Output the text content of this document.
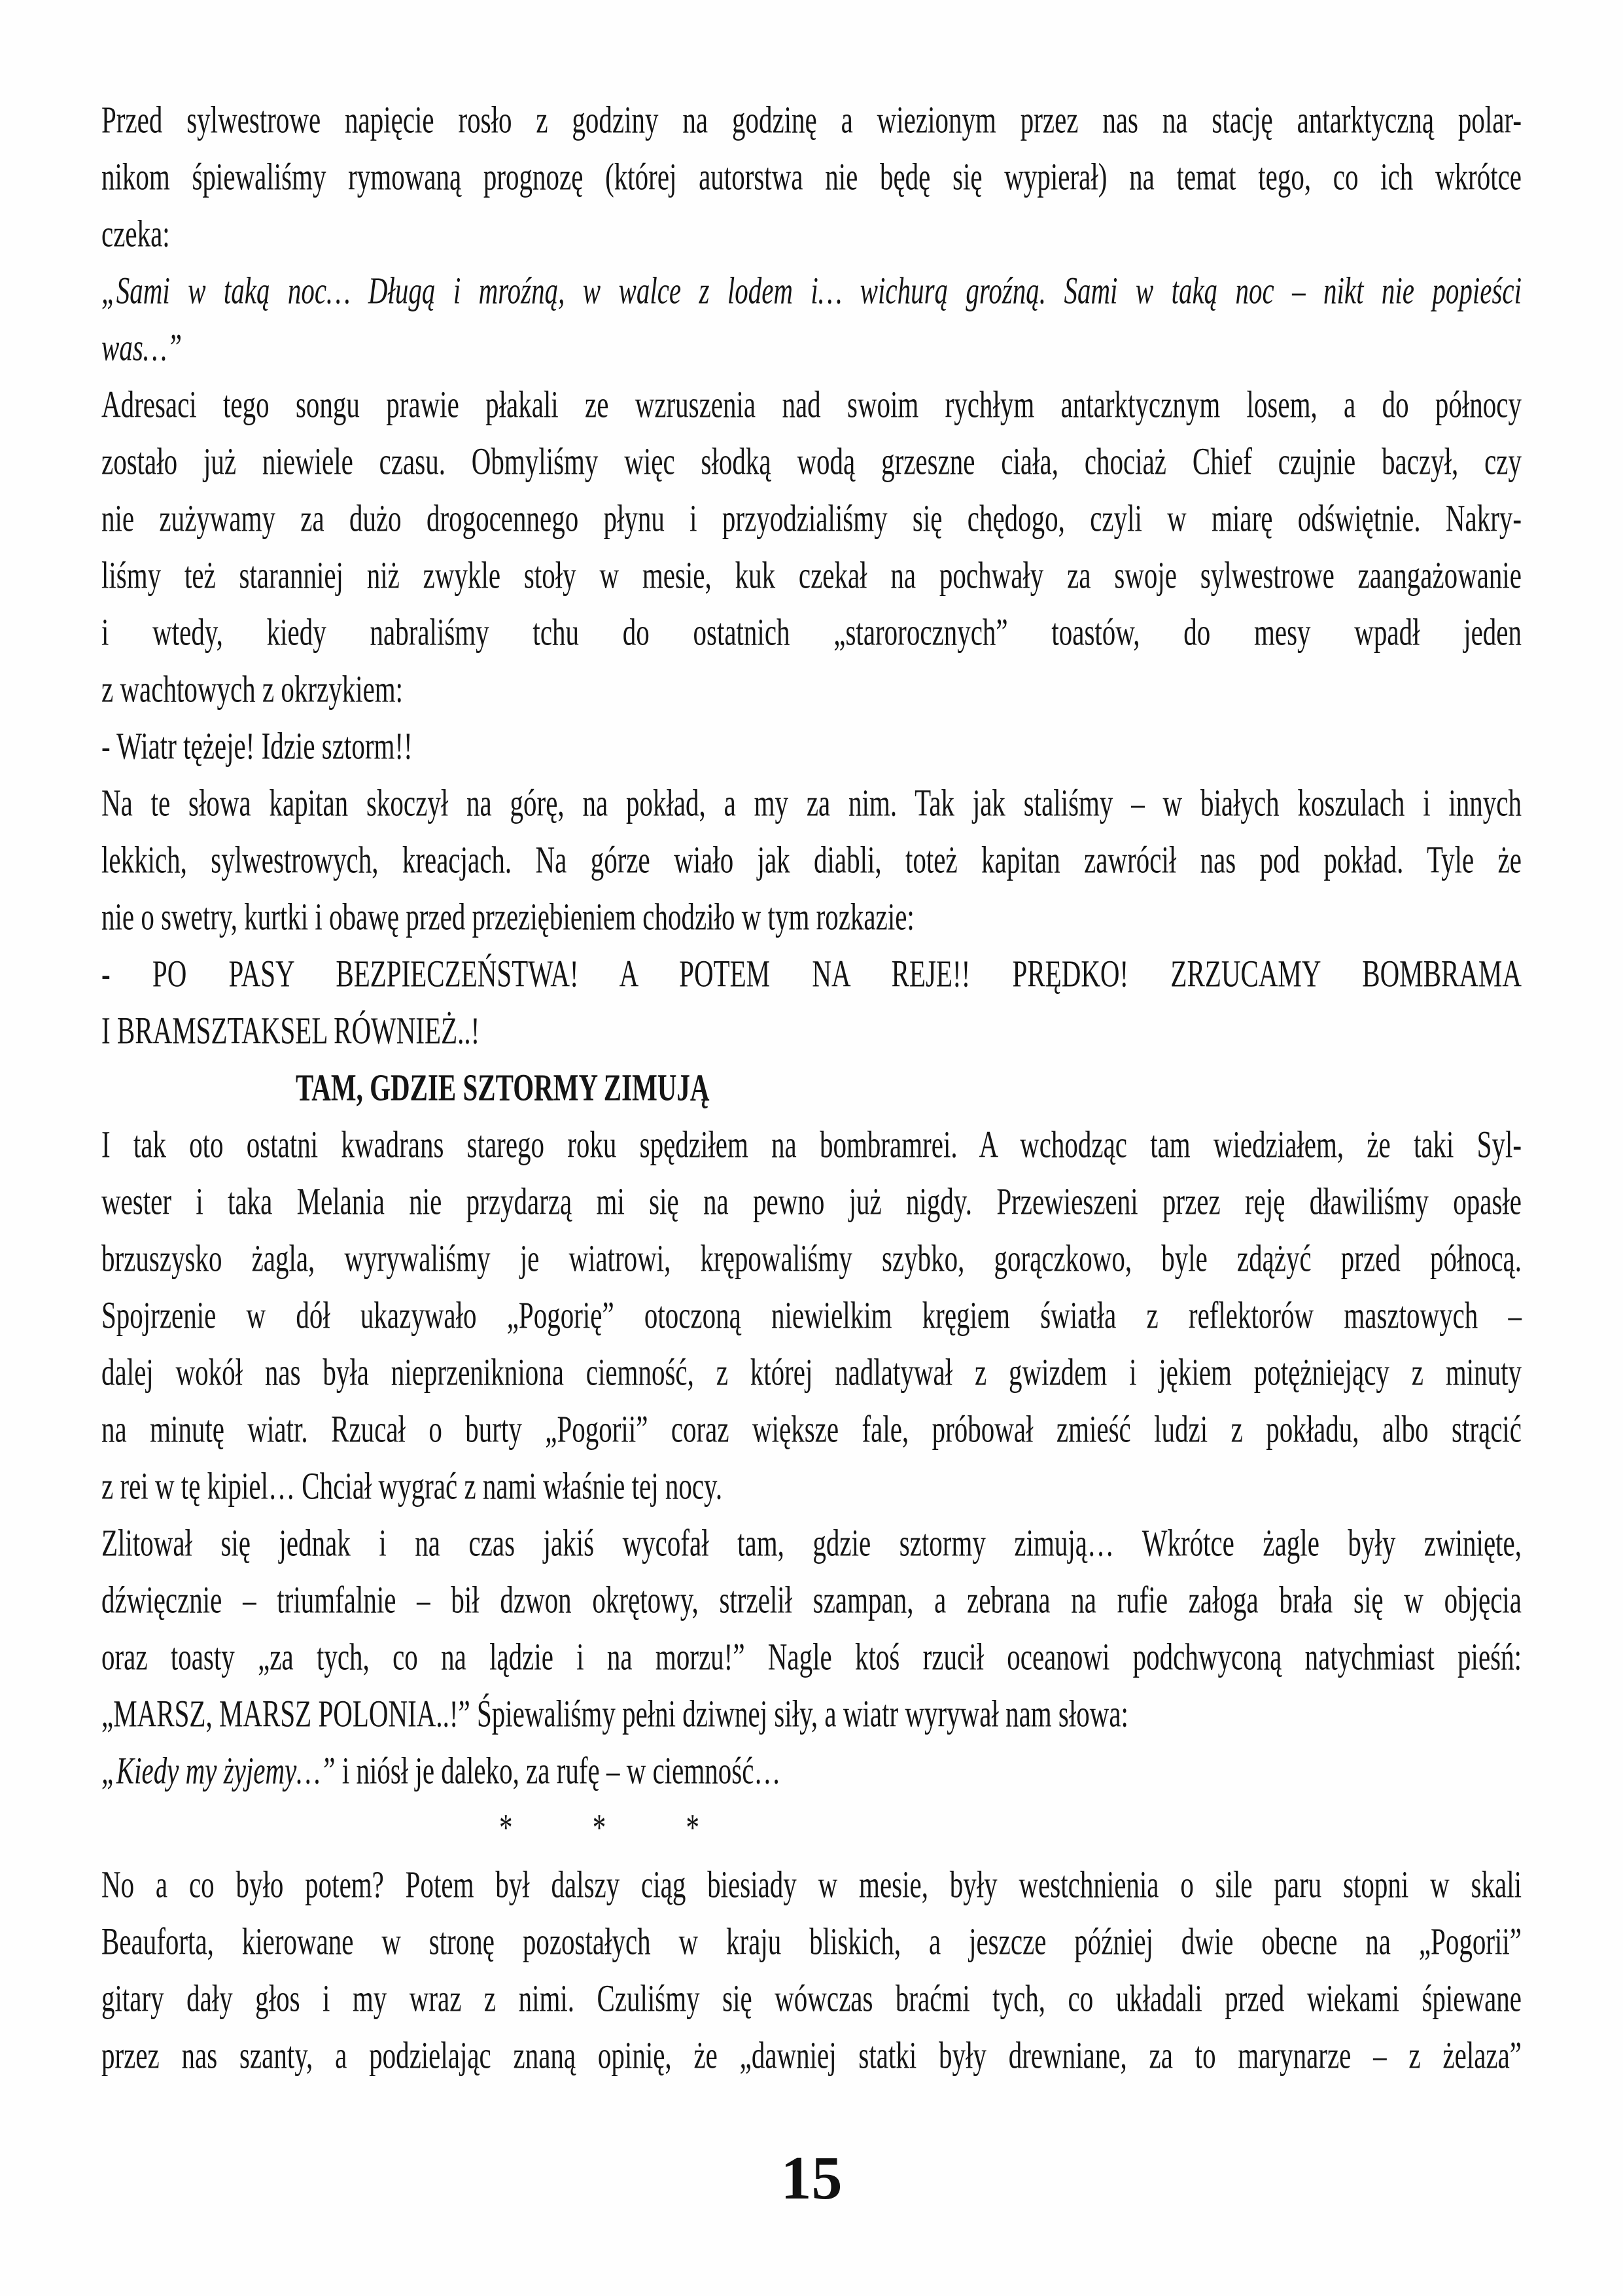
Przed sylwestrowe napięcie rosło z godziny na godzinę a wiezionym przez nas na stację antarktyczną polar-
nikom śpiewaliśmy rymowaną prognozę (której autorstwa nie będę się wypierał) na temat tego, co ich wkrótce
czeka:
„Sami w taką noc… Długą i mroźną, w walce z lodem i… wichurą groźną. Sami w taką noc – nikt nie popieści
was…”
Adresaci tego songu prawie płakali ze wzruszenia nad swoim rychłym antarktycznym losem, a do północy
zostało już niewiele czasu. Obmyliśmy więc słodką wodą grzeszne ciała, chociaż Chief czujnie baczył, czy
nie zużywamy za dużo drogocennego płynu i przyodzialiśmy się chędogo, czyli w miarę odświętnie. Nakry-
liśmy też staranniej niż zwykle stoły w mesie, kuk czekał na pochwały za swoje sylwestrowe zaangażowanie
i wtedy, kiedy nabraliśmy tchu do ostatnich „starorocznych” toastów, do mesy wpadł jeden
z wachtowych z okrzykiem:
- Wiatr tężeje! Idzie sztorm!!
Na te słowa kapitan skoczył na górę, na pokład, a my za nim. Tak jak staliśmy – w białych koszulach i innych
lekkich, sylwestrowych, kreacjach. Na górze wiało jak diabli, toteż kapitan zawrócił nas pod pokład. Tyle że
nie o swetry, kurtki i obawę przed przeziębieniem chodziło w tym rozkazie:
- PO PASY BEZPIECZEŃSTWA! A POTEM NA REJE!! PRĘDKO! ZRZUCAMY BOMBRAMA
I BRAMSZTAKSEL RÓWNIEŻ..!
TAM, GDZIE SZTORMY ZIMUJĄ
I tak oto ostatni kwadrans starego roku spędziłem na bombramrei. A wchodząc tam wiedziałem, że taki Syl-
wester i taka Melania nie przydarzą mi się na pewno już nigdy. Przewieszeni przez reję dławiliśmy opasłe
brzuszysko żagla, wyrywaliśmy je wiatrowi, krępowaliśmy szybko, gorączkowo, byle zdążyć przed północą.
Spojrzenie w dół ukazywało „Pogorię” otoczoną niewielkim kręgiem światła z reflektorów masztowych –
dalej wokół nas była nieprzenikniona ciemność, z której nadlatywał z gwizdem i jękiem potężniejący z minuty
na minutę wiatr. Rzucał o burty „Pogorii” coraz większe fale, próbował zmieść ludzi z pokładu, albo strącić
z rei w tę kipiel… Chciał wygrać z nami właśnie tej nocy.
Zlitował się jednak i na czas jakiś wycofał tam, gdzie sztormy zimują… Wkrótce żagle były zwinięte,
dźwięcznie – triumfalnie – bił dzwon okrętowy, strzelił szampan, a zebrana na rufie załoga brała się w objęcia
oraz toasty „za tych, co na lądzie i na morzu!” Nagle ktoś rzucił oceanowi podchwyconą natychmiast pieśń:
„MARSZ, MARSZ POLONIA..!” Śpiewaliśmy pełni dziwnej siły, a wiatr wyrywał nam słowa:
„Kiedy my żyjemy…” i niósł je daleko, za rufę – w ciemność…
* * *
No a co było potem? Potem był dalszy ciąg biesiady w mesie, były westchnienia o sile paru stopni w skali
Beauforta, kierowane w stronę pozostałych w kraju bliskich, a jeszcze później dwie obecne na „Pogorii”
gitary dały głos i my wraz z nimi. Czuliśmy się wówczas braćmi tych, co układali przed wiekami śpiewane
przez nas szanty, a podzielając znaną opinię, że „dawniej statki były drewniane, za to marynarze – z żelaza”
15
